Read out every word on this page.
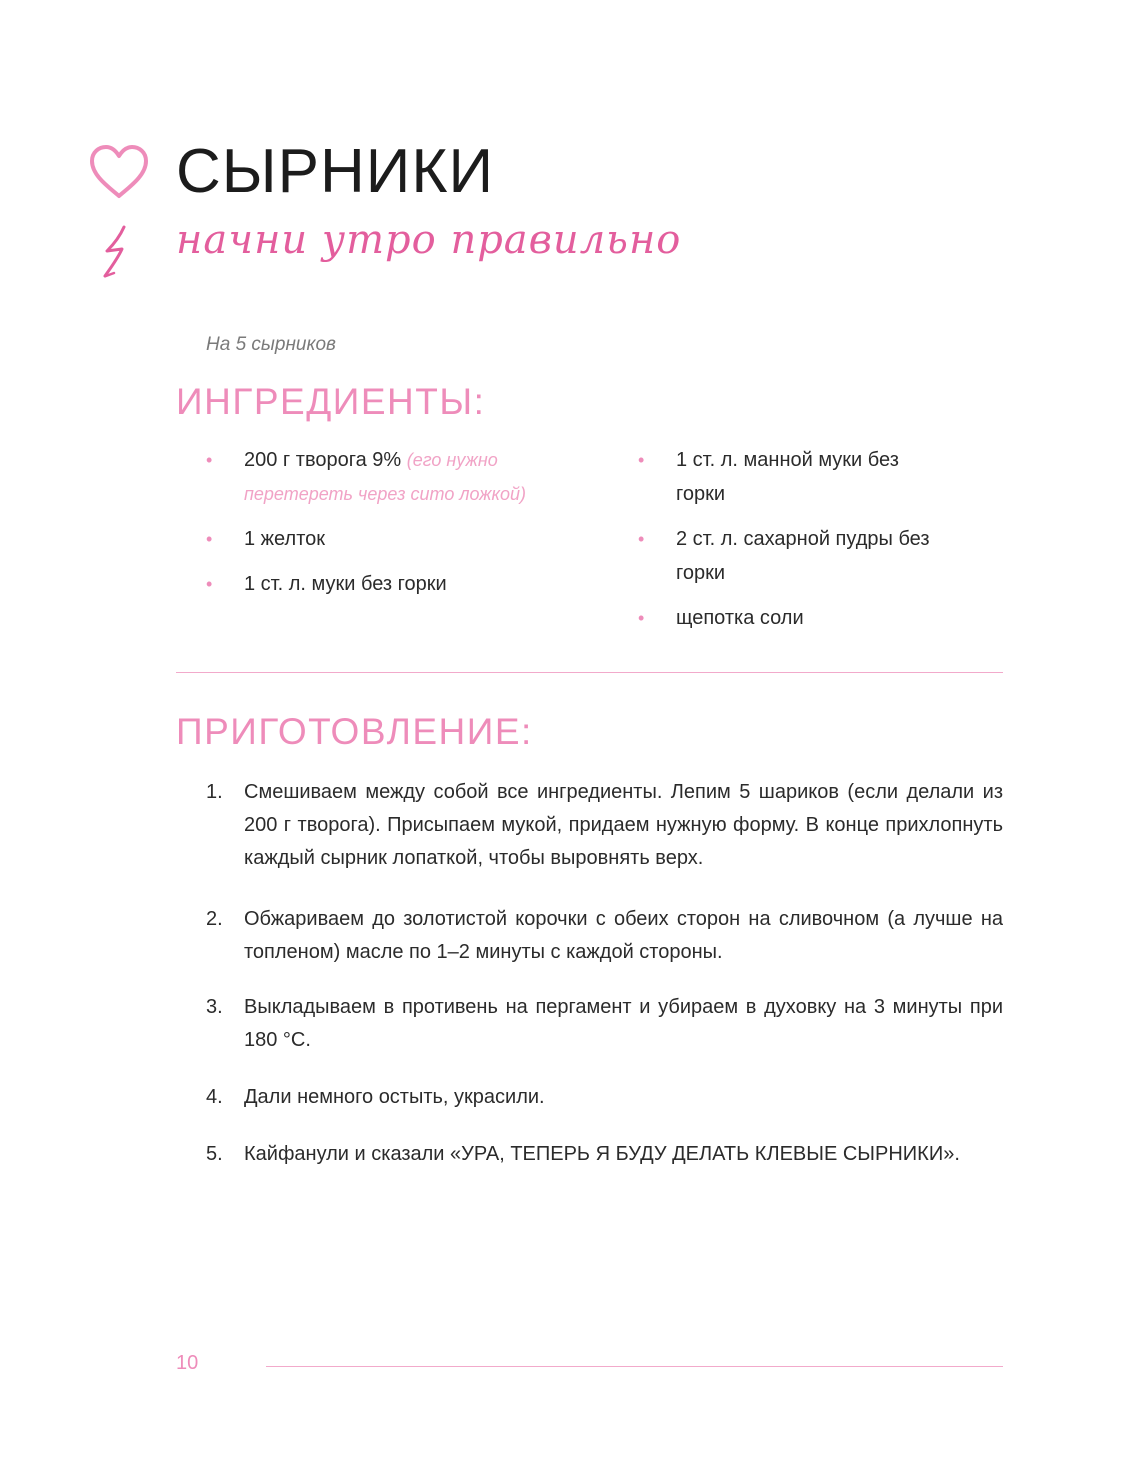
СЫРНИКИ
начни утро правильно
На 5 сырников
ИНГРЕДИЕНТЫ:
• 200 г творога 9% (его нужно перетереть через сито ложкой)
• 1 желток
• 1 ст. л. муки без горки
• 1 ст. л. манной муки без горки
• 2 ст. л. сахарной пудры без горки
• щепотка соли
ПРИГОТОВЛЕНИЕ:
1. Смешиваем между собой все ингредиенты. Лепим 5 шариков (если делали из 200 г творога). Присыпаем мукой, придаем нужную форму. В конце прихлопнуть каждый сырник лопаткой, чтобы выровнять верх.
2. Обжариваем до золотистой корочки с обеих сторон на сливочном (а лучше на топленом) масле по 1–2 минуты с каждой стороны.
3. Выкладываем в противень на пергамент и убираем в духовку на 3 минуты при 180 °С.
4. Дали немного остыть, украсили.
5. Кайфанули и сказали «УРА, ТЕПЕРЬ Я БУДУ ДЕЛАТЬ КЛЕВЫЕ СЫРНИКИ».
10
